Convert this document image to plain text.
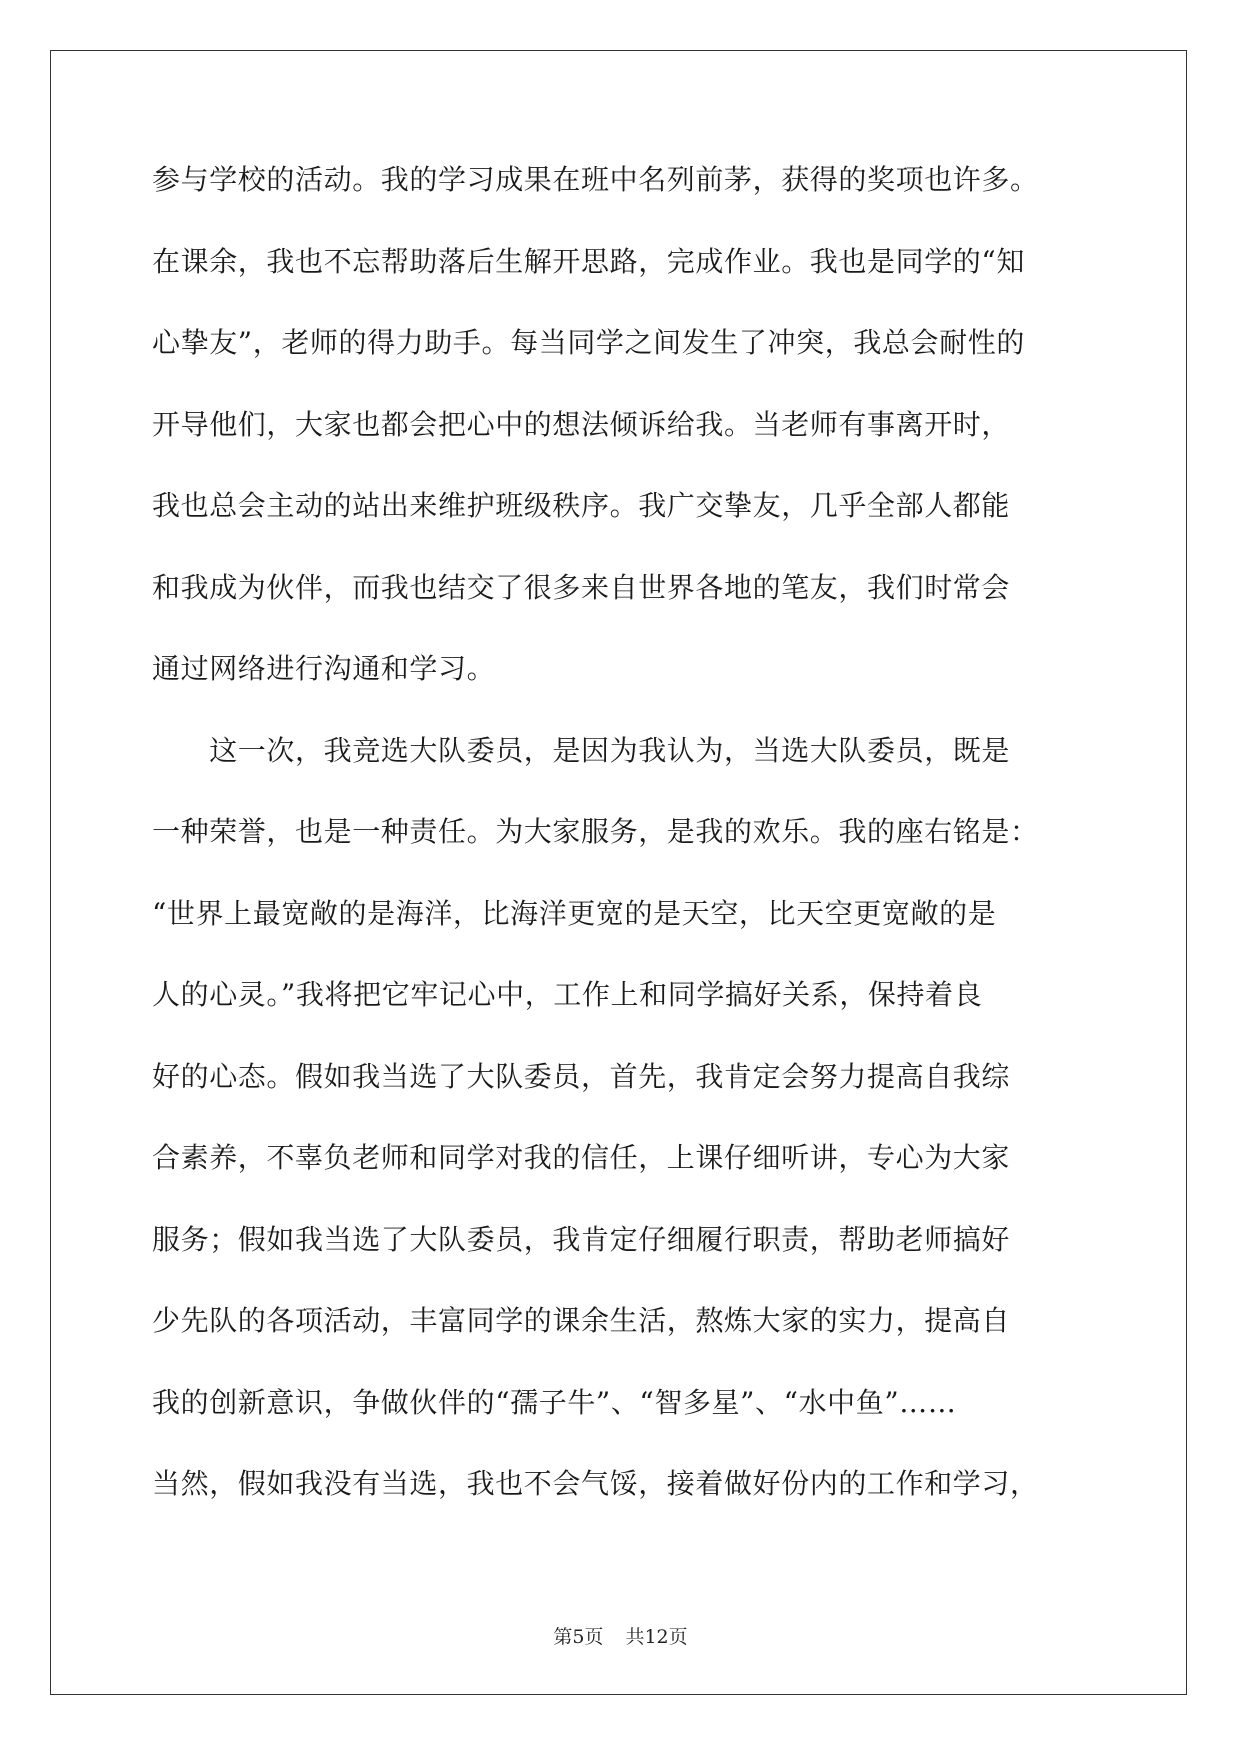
参与学校的活动。我的学习成果在班中名列前茅，获得的奖项也许多。
在课余，我也不忘帮助落后生解开思路，完成作业。我也是同学的“知
心挚友”，老师的得力助手。每当同学之间发生了冲突，我总会耐性的
开导他们，大家也都会把心中的想法倾诉给我。当老师有事离开时，
我也总会主动的站出来维护班级秩序。我广交挚友，几乎全部人都能
和我成为伙伴，而我也结交了很多来自世界各地的笔友，我们时常会
通过网络进行沟通和学习。
　　这一次，我竞选大队委员，是因为我认为，当选大队委员，既是
一种荣誉，也是一种责任。为大家服务，是我的欢乐。我的座右铭是：
“世界上最宽敞的是海洋，比海洋更宽的是天空，比天空更宽敞的是
人的心灵。”我将把它牢记心中，工作上和同学搞好关系，保持着良
好的心态。假如我当选了大队委员，首先，我肯定会努力提高自我综
合素养，不辜负老师和同学对我的信任，上课仔细听讲，专心为大家
服务；假如我当选了大队委员，我肯定仔细履行职责，帮助老师搞好
少先队的各项活动，丰富同学的课余生活，熬炼大家的实力，提高自
我的创新意识，争做伙伴的“孺子牛”、“智多星”、“水中鱼”……
当然，假如我没有当选，我也不会气馁，接着做好份内的工作和学习，
第5页 共12页
